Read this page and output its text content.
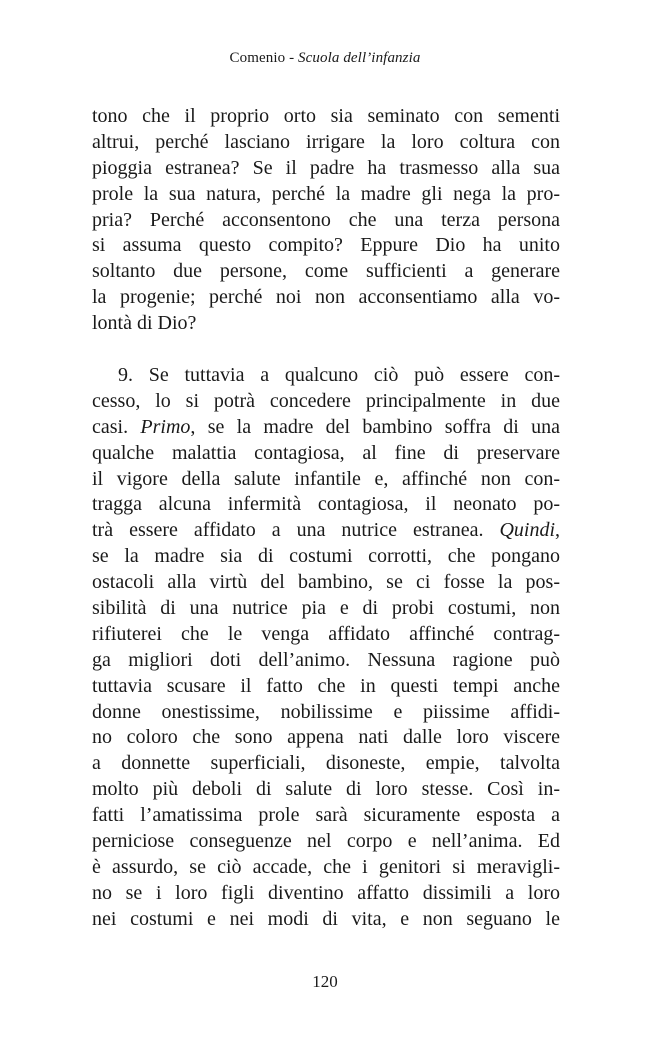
Comenio - Scuola dell’infanzia
tono che il proprio orto sia seminato con sementi
altrui, perché lasciano irrigare la loro coltura con
pioggia estranea? Se il padre ha trasmesso alla sua
prole la sua natura, perché la madre gli nega la pro-
pria? Perché acconsentono che una terza persona
si assuma questo compito? Eppure Dio ha unito
soltanto due persone, come sufficienti a generare
la progenie; perché noi non acconsentiamo alla vo-
lontà di Dio?
9. Se tuttavia a qualcuno ciò può essere con-
cesso, lo si potrà concedere principalmente in due
casi. Primo, se la madre del bambino soffra di una
qualche malattia contagiosa, al fine di preservare
il vigore della salute infantile e, affinché non con-
tragga alcuna infermità contagiosa, il neonato po-
trà essere affidato a una nutrice estranea. Quindi,
se la madre sia di costumi corrotti, che pongano
ostacoli alla virtù del bambino, se ci fosse la pos-
sibilità di una nutrice pia e di probi costumi, non
rifiuterei che le venga affidato affinché contrag-
ga migliori doti dell’animo. Nessuna ragione può
tuttavia scusare il fatto che in questi tempi anche
donne onestissime, nobilissime e piissime affidi-
no coloro che sono appena nati dalle loro viscere
a donnette superficiali, disoneste, empie, talvolta
molto più deboli di salute di loro stesse. Così in-
fatti l’amatissima prole sarà sicuramente esposta a
perniciose conseguenze nel corpo e nell’anima. Ed
è assurdo, se ciò accade, che i genitori si meravigli-
no se i loro figli diventino affatto dissimili a loro
nei costumi e nei modi di vita, e non seguano le
120
